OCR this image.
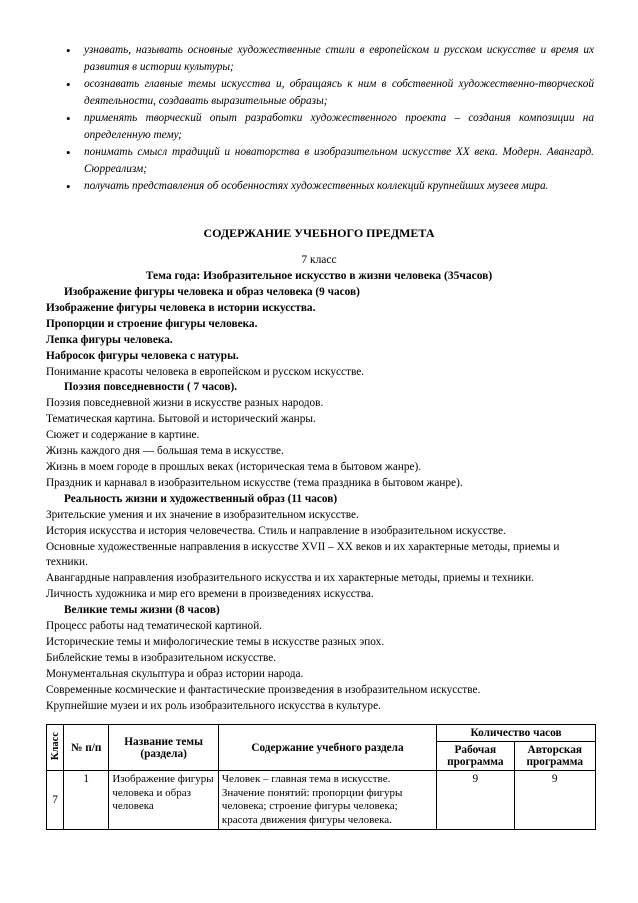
• узнавать, называть основные художественные стили в европейском и русском искусстве и время их развития в истории культуры;
• осознавать главные темы искусства и, обращаясь к ним в собственной художественно-творческой деятельности, создавать выразительные образы;
• применять творческий опыт разработки художественного проекта – создания композиции на определенную тему;
• понимать смысл традиций и новаторства в изобразительном искусстве XX века. Модерн. Авангард. Сюрреализм;
• получать представления об особенностях художественных коллекций крупнейших музеев мира.
СОДЕРЖАНИЕ УЧЕБНОГО ПРЕДМЕТА
7 класс
Тема года: Изобразительное искусство в жизни человека (35часов)
Изображение фигуры человека и образ человека (9 часов)
Изображение фигуры человека в истории искусства.
Пропорции и строение фигуры человека.
Лепка фигуры человека.
Набросок фигуры человека с натуры.
Понимание красоты человека в европейском и русском искусстве.
Поэзия повседневности ( 7 часов).
Поэзия повседневной жизни в искусстве разных народов.
Тематическая картина. Бытовой и исторический жанры.
Сюжет и содержание в картине.
Жизнь каждого дня — большая тема в искусстве.
Жизнь в моем городе в прошлых веках (историческая тема в бытовом жанре).
Праздник и карнавал в изобразительном искусстве (тема праздника в бытовом жанре).
Реальность жизни и художественный образ (11 часов)
Зрительские умения и их значение в изобразительном искусстве.
История искусства и история человечества. Стиль и направление в изобразительном искусстве.
Основные художественные направления в искусстве XVII – XX веков и их характерные методы, приемы и техники.
Авангардные направления изобразительного искусства и их характерные методы, приемы и техники.
Личность художника и мир его времени в произведениях искусства.
Великие темы жизни (8 часов)
Процесс работы над тематической картиной.
Исторические темы и мифологические темы в искусстве разных эпох.
Библейские темы в изобразительном искусстве.
Монументальная скульптура и образ истории народа.
Современные космические и фантастические произведения в изобразительном искусстве.
Крупнейшие музеи и их роль изобразительного искусства в культуре.
Класс	№ п/п	Название темы (раздела)	Содержание учебного раздела	Количество часов	
				Рабочая программа	Авторская программа
7	1	Изображение фигуры человека и образ человека	Человек – главная тема в искусстве. Значение понятий: пропорции фигуры человека; строение фигуры человека; красота движения фигуры человека.	9	9
